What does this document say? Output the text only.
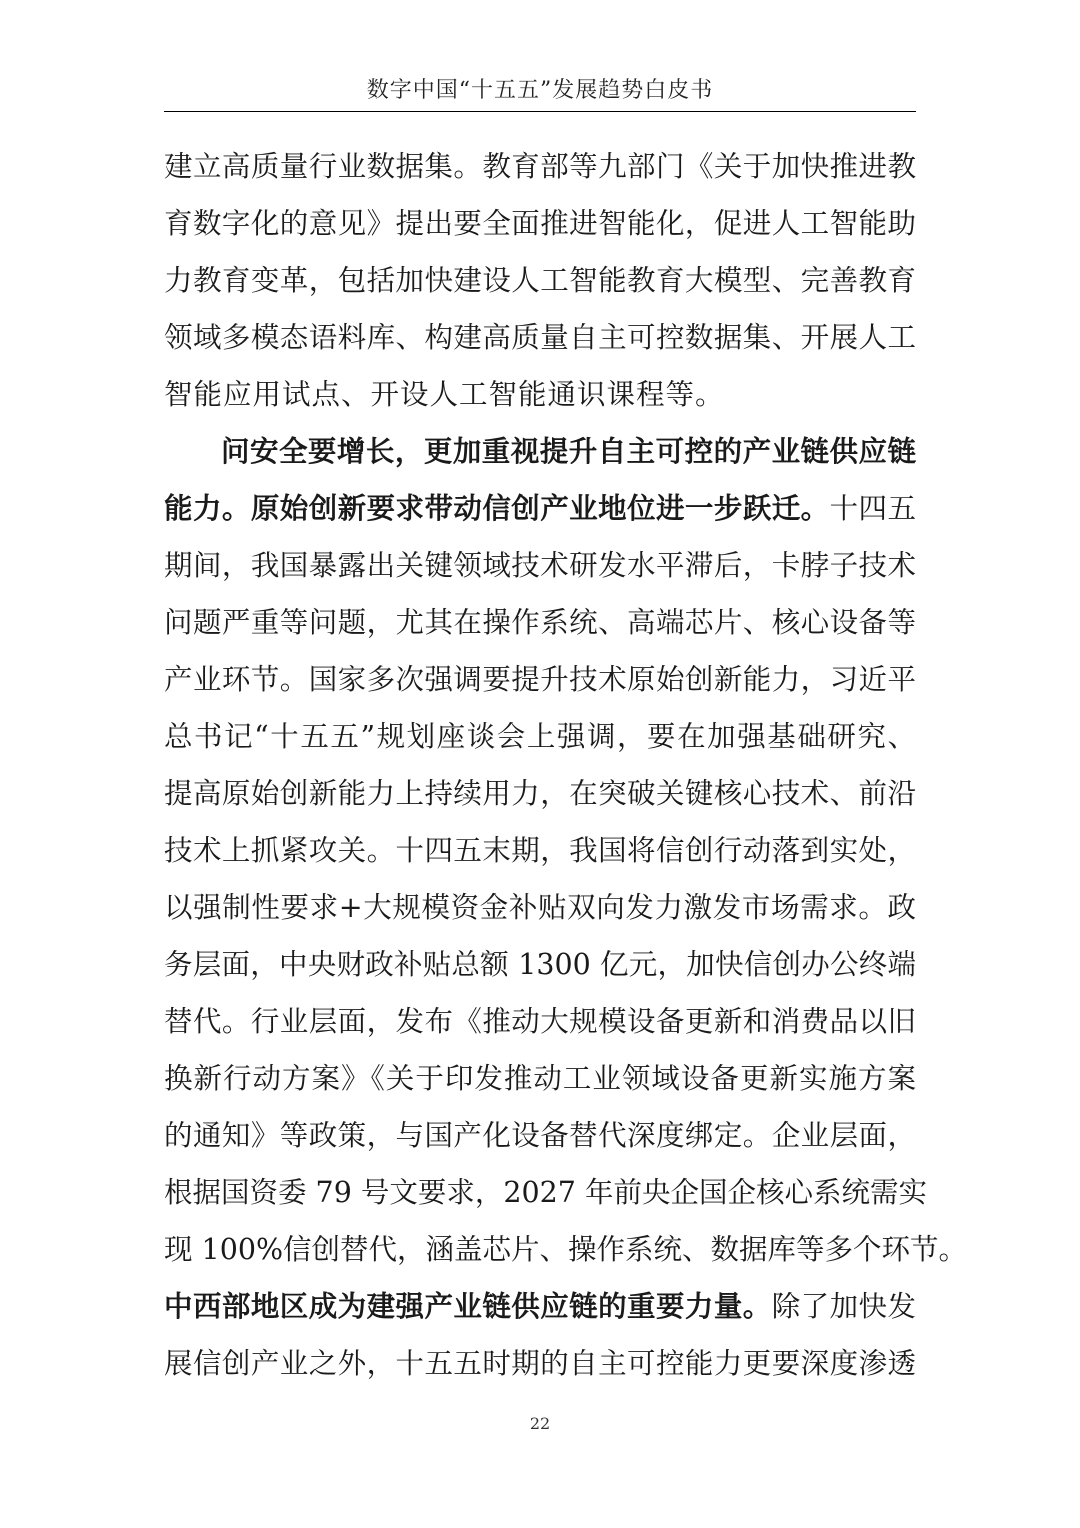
数字中国“十五五”发展趋势白皮书
建立高质量行业数据集。教育部等九部门《关于加快推进教
育数字化的意见》提出要全面推进智能化，促进人工智能助
力教育变革，包括加快建设人工智能教育大模型、完善教育
领域多模态语料库、构建高质量自主可控数据集、开展人工
智能应用试点、开设人工智能通识课程等。
问安全要增长，更加重视提升自主可控的产业链供应链
能力。原始创新要求带动信创产业地位进一步跃迁。十四五
期间，我国暴露出关键领域技术研发水平滞后，卡脖子技术
问题严重等问题，尤其在操作系统、高端芯片、核心设备等
产业环节。国家多次强调要提升技术原始创新能力，习近平
总书记“十五五”规划座谈会上强调，要在加强基础研究、
提高原始创新能力上持续用力，在突破关键核心技术、前沿
技术上抓紧攻关。十四五末期，我国将信创行动落到实处，
以强制性要求+大规模资金补贴双向发力激发市场需求。政
务层面，中央财政补贴总额 1300 亿元，加快信创办公终端
替代。行业层面，发布《推动大规模设备更新和消费品以旧
换新行动方案》《关于印发推动工业领域设备更新实施方案
的通知》等政策，与国产化设备替代深度绑定。企业层面，
根据国资委 79 号文要求，2027 年前央企国企核心系统需实
现 100%信创替代，涵盖芯片、操作系统、数据库等多个环节。
中西部地区成为建强产业链供应链的重要力量。除了加快发
展信创产业之外，十五五时期的自主可控能力更要深度渗透
22
